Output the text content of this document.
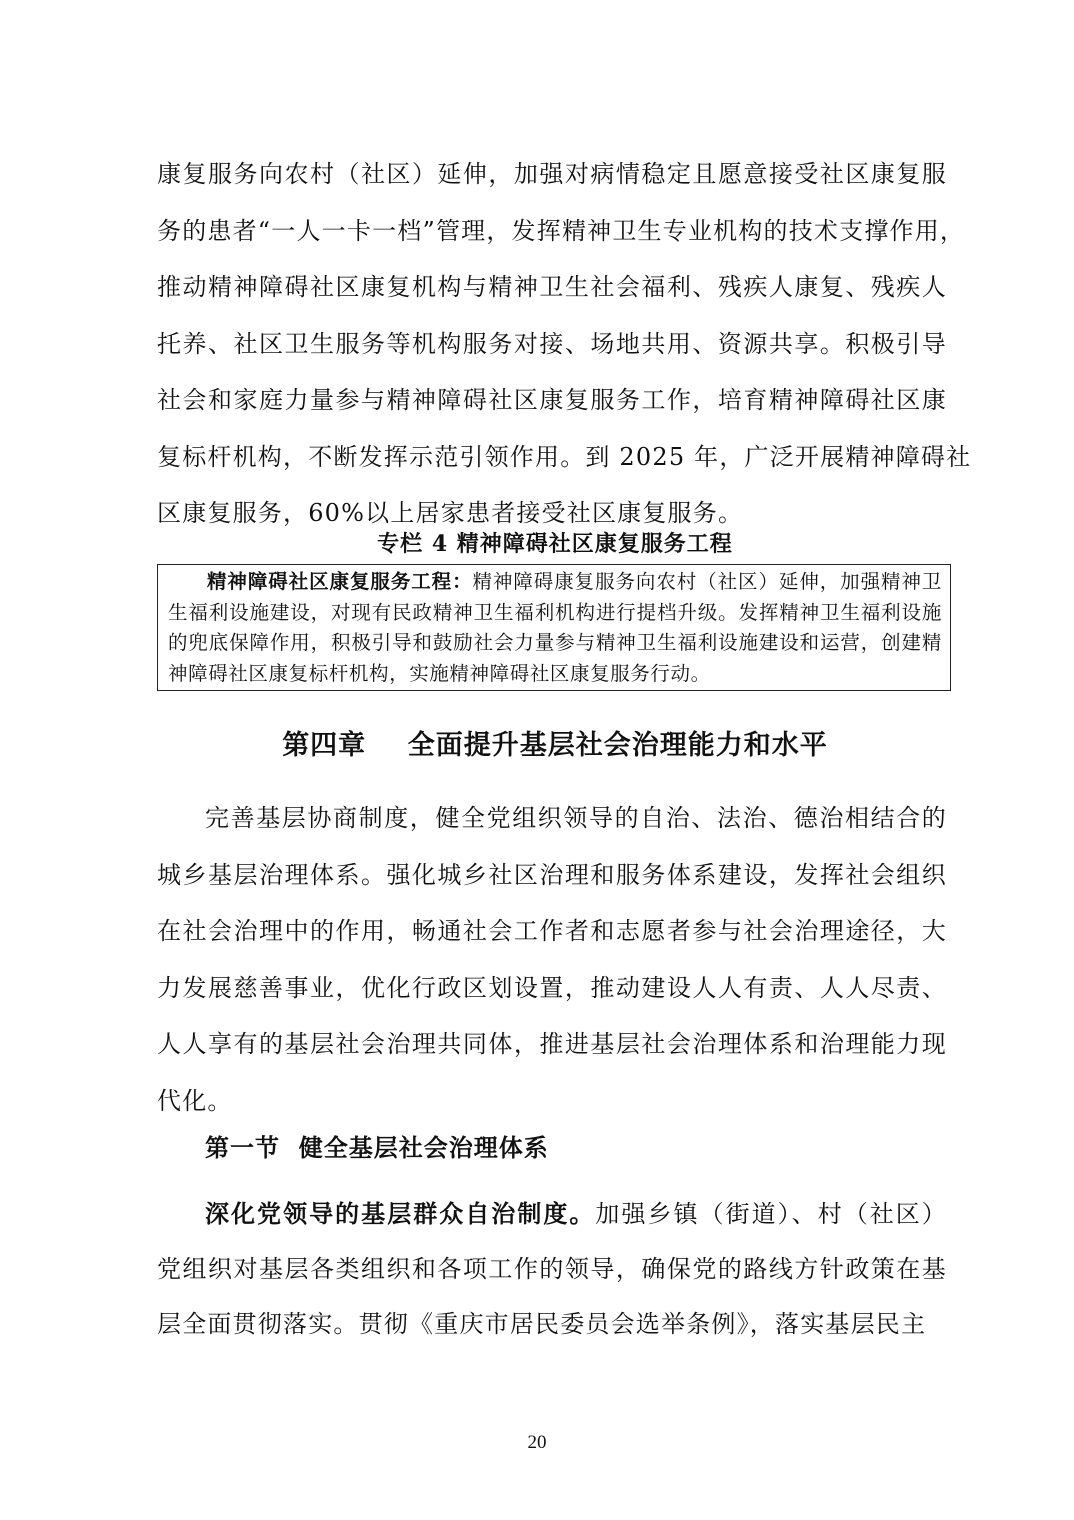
康复服务向农村（社区）延伸，加强对病情稳定且愿意接受社区康复服
务的患者“一人一卡一档”管理，发挥精神卫生专业机构的技术支撑作用，
推动精神障碍社区康复机构与精神卫生社会福利、残疾人康复、残疾人
托养、社区卫生服务等机构服务对接、场地共用、资源共享。积极引导
社会和家庭力量参与精神障碍社区康复服务工作，培育精神障碍社区康
复标杆机构，不断发挥示范引领作用。到 2025 年，广泛开展精神障碍社
区康复服务，60%以上居家患者接受社区康复服务。

专栏 4 精神障碍社区康复服务工程

精神障碍社区康复服务工程：精神障碍康复服务向农村（社区）延伸，加强精神卫生福利设施建设，对现有民政精神卫生福利机构进行提档升级。发挥精神卫生福利设施的兜底保障作用，积极引导和鼓励社会力量参与精神卫生福利设施建设和运营，创建精神障碍社区康复标杆机构，实施精神障碍社区康复服务行动。

第四章    全面提升基层社会治理能力和水平

完善基层协商制度，健全党组织领导的自治、法治、德治相结合的城乡基层治理体系。强化城乡社区治理和服务体系建设，发挥社会组织在社会治理中的作用，畅通社会工作者和志愿者参与社会治理途径，大力发展慈善事业，优化行政区划设置，推动建设人人有责、人人尽责、人人享有的基层社会治理共同体，推进基层社会治理体系和治理能力现代化。

第一节  健全基层社会治理体系

深化党领导的基层群众自治制度。加强乡镇（街道）、村（社区）党组织对基层各类组织和各项工作的领导，确保党的路线方针政策在基层全面贯彻落实。贯彻《重庆市居民委员会选举条例》，落实基层民主

20
